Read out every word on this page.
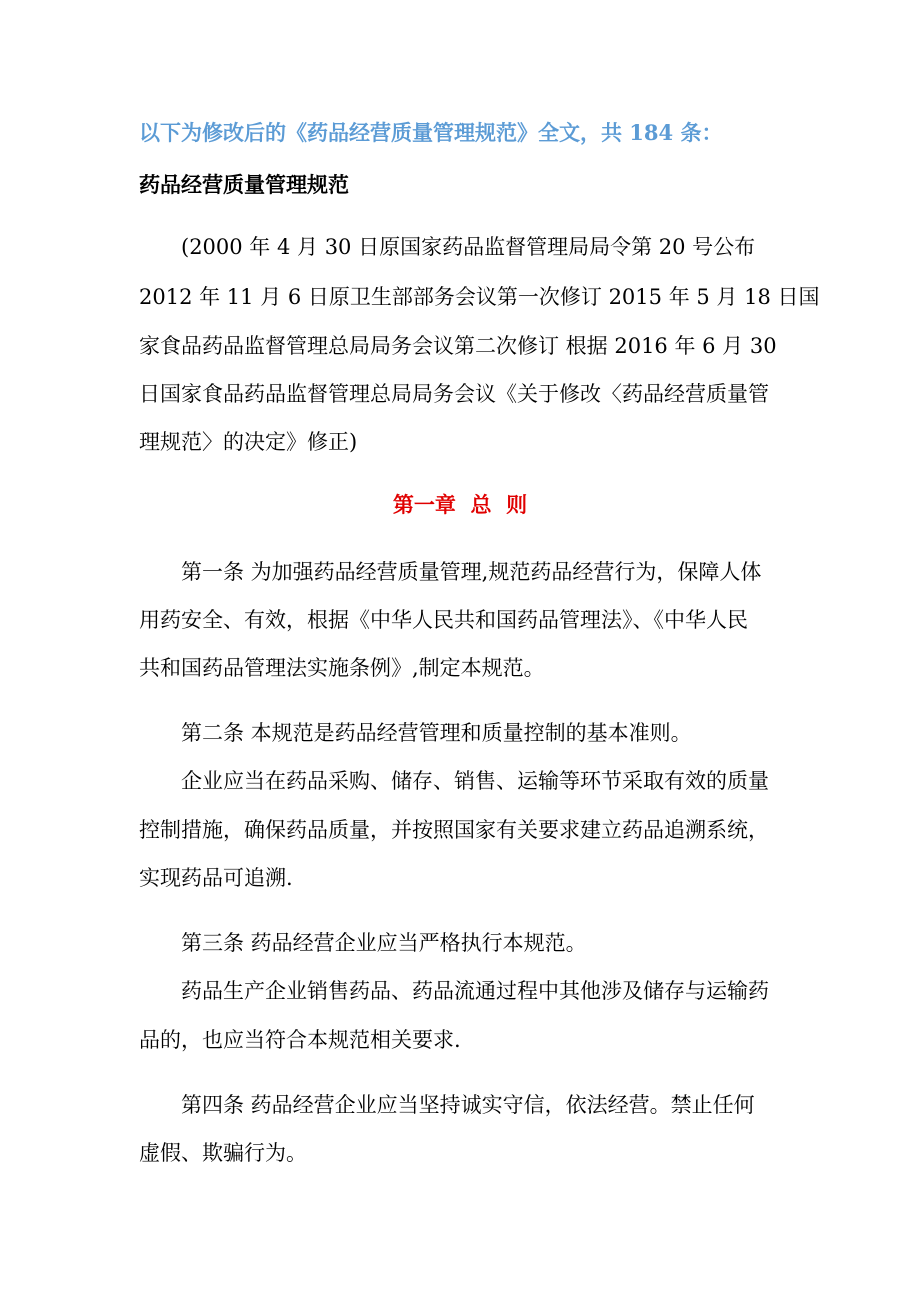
以下为修改后的《药品经营质量管理规范》全文，共 184 条：
药品经营质量管理规范
(2000 年 4 月 30 日原国家药品监督管理局局令第 20 号公布
2012 年 11 月 6 日原卫生部部务会议第一次修订 2015 年 5 月 18 日国
家食品药品监督管理总局局务会议第二次修订 根据 2016 年 6 月 30
日国家食品药品监督管理总局局务会议《关于修改〈药品经营质量管
理规范〉的决定》修正)
第一章  总  则
第一条 为加强药品经营质量管理,规范药品经营行为，保障人体
用药安全、有效，根据《中华人民共和国药品管理法》、《中华人民
共和国药品管理法实施条例》,制定本规范。
第二条 本规范是药品经营管理和质量控制的基本准则。
企业应当在药品采购、储存、销售、运输等环节采取有效的质量
控制措施，确保药品质量，并按照国家有关要求建立药品追溯系统，
实现药品可追溯.
第三条 药品经营企业应当严格执行本规范。
药品生产企业销售药品、药品流通过程中其他涉及储存与运输药
品的，也应当符合本规范相关要求.
第四条 药品经营企业应当坚持诚实守信，依法经营。禁止任何
虚假、欺骗行为。
